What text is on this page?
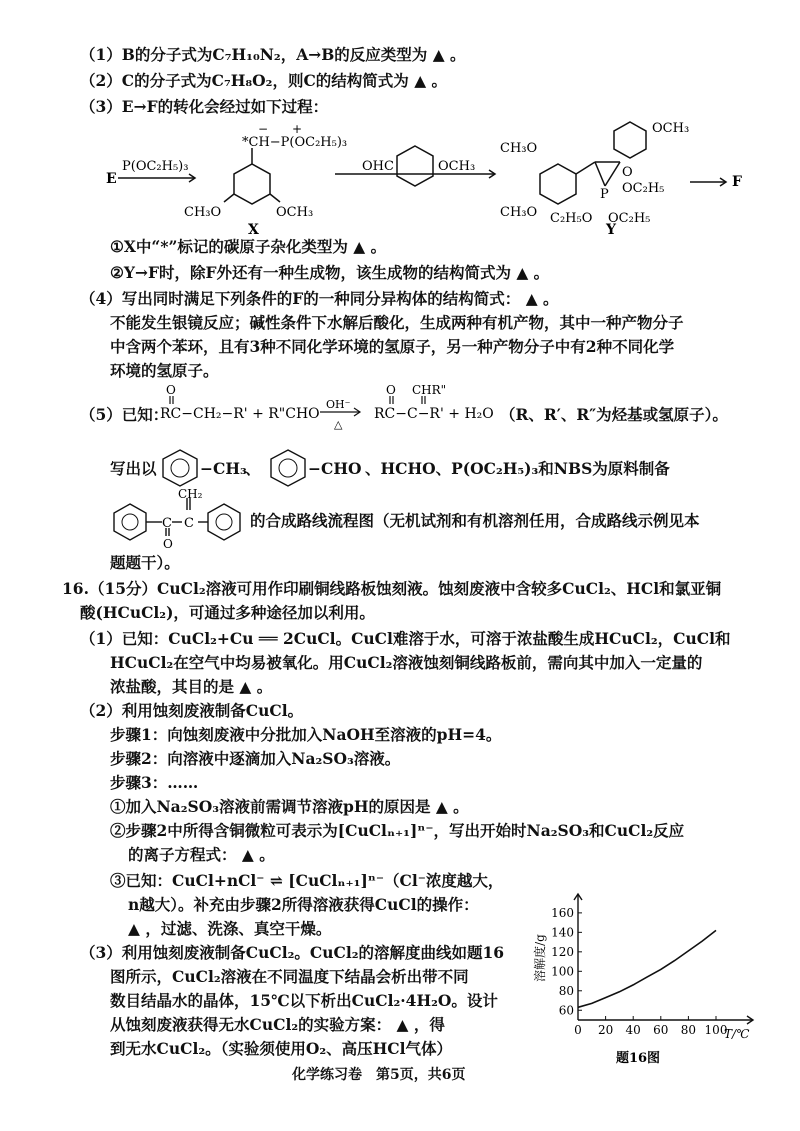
（1）B的分子式为C₇H₁₀N₂，A→B的反应类型为 ▲ 。
（2）C的分子式为C₇H₈O₂，则C的结构简式为 ▲ 。
（3）E→F的转化会经过如下过程：
P(OC₂H₅)₃
E
*CH−P(OC₂H₅)₃
− +
CH₃O	OCH₃
X
OHC	OCH₃
CH₃O
CH₃O
OCH₃
O
P OC₂H₅
C₂H₅O OC₂H₅
Y
F
①X中“*”标记的碳原子杂化类型为 ▲ 。
②Y→F时，除F外还有一种生成物，该生成物的结构简式为 ▲ 。
（4）写出同时满足下列条件的F的一种同分异构体的结构简式： ▲ 。
不能发生银镜反应；碱性条件下水解后酸化，生成两种有机产物，其中一种产物分子
中含两个苯环，且有3种不同化学环境的氢原子，另一种产物分子中有2种不同化学
环境的氢原子。
（5）已知：
O
RC−CH₂−R' + R"CHO
OH⁻
△
O CHR"
RC−C−R' + H₂O （R、R′、R″为烃基或氢原子）。
写出以	−CH₃
、	−CHO 、HCHO、P(OC₂H₅)₃和NBS为原料制备
CH₂
C C
O
的合成路线流程图（无机试剂和有机溶剂任用，合成路线示例见本
题题干）。
16.（15分）CuCl₂溶液可用作印刷铜线路板蚀刻液。蚀刻废液中含较多CuCl₂、HCl和氯亚铜
酸(HCuCl₂)，可通过多种途径加以利用。
（1）已知：CuCl₂+Cu ══ 2CuCl。CuCl难溶于水，可溶于浓盐酸生成HCuCl₂，CuCl和
HCuCl₂在空气中均易被氧化。用CuCl₂溶液蚀刻铜线路板前，需向其中加入一定量的
浓盐酸，其目的是 ▲ 。
（2）利用蚀刻废液制备CuCl。
步骤1：向蚀刻废液中分批加入NaOH至溶液的pH=4。
步骤2：向溶液中逐滴加入Na₂SO₃溶液。
步骤3：……
①加入Na₂SO₃溶液前需调节溶液pH的原因是 ▲ 。
②步骤2中所得含铜微粒可表示为[CuClₙ₊₁]ⁿ⁻，写出开始时Na₂SO₃和CuCl₂反应
的离子方程式： ▲ 。
③已知：CuCl+nCl⁻ ⇌ [CuClₙ₊₁]ⁿ⁻（Cl⁻浓度越大，
n越大）。补充由步骤2所得溶液获得CuCl的操作：
▲ ，过滤、洗涤、真空干燥。
（3）利用蚀刻废液制备CuCl₂。CuCl₂的溶解度曲线如题16
图所示，CuCl₂溶液在不同温度下结晶会析出带不同
数目结晶水的晶体，15℃以下析出CuCl₂·4H₂O。设计
从蚀刻废液获得无水CuCl₂的实验方案： ▲ ，得
到无水CuCl₂。（实验须使用O₂、高压HCl气体）
0 20 40 60 80 100
60
80
100
120
140
160
T/℃
溶解度/g
题16图
化学练习卷　第5页，共6页
